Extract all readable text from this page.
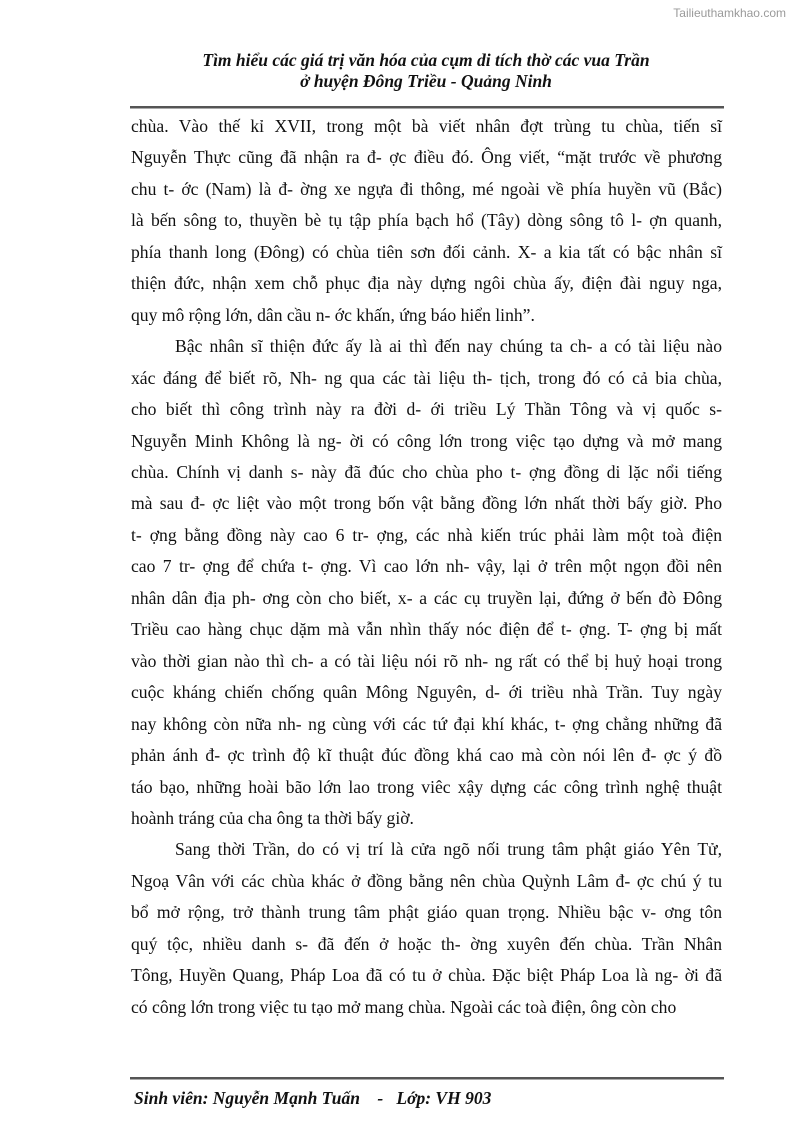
Tailieuthamkhao.com
Tìm hiểu các giá trị văn hóa của cụm di tích thờ các vua Trần
ở huyện Đông Triều - Quảng Ninh
chùa. Vào thế kỉ XVII, trong một bà viết nhân đợt trùng tu chùa, tiến sĩ
Nguyễn Thực cũng đã nhận ra đ- ợc điều đó. Ông viết, “mặt trước về phương
chu t- ớc (Nam) là đ- ờng xe ngựa đi thông, mé ngoài về phía huyền vũ (Bắc)
là bến sông to, thuyền bè tụ tập phía bạch hổ (Tây) dòng sông tô l- ợn quanh,
phía thanh long (Đông) có chùa tiên sơn đối cảnh. X- a kia tất có bậc nhân sĩ
thiện đức, nhận xem chỗ phục địa này dựng ngôi chùa ấy, điện đài nguy nga,
quy mô rộng lớn, dân cầu n- ớc khấn, ứng báo hiển linh”.
Bậc nhân sĩ thiện đức ấy là ai thì đến nay chúng ta ch- a có tài liệu nào
xác đáng để biết rõ, Nh- ng qua các tài liệu th- tịch, trong đó có cả bia chùa,
cho biết thì công trình này ra đời d- ới triều Lý Thần Tông và vị quốc s-
Nguyễn Minh Không là ng- ời có công lớn trong việc tạo dựng và mở mang
chùa. Chính vị danh s- này đã đúc cho chùa pho t- ợng đồng di lặc nổi tiếng
mà sau đ- ợc liệt vào một trong bốn vật bằng đồng lớn nhất thời bấy giờ. Pho
t- ợng bằng đồng này cao 6 tr- ợng, các nhà kiến trúc phải làm một toà điện
cao 7 tr- ợng để chứa t- ợng. Vì cao lớn nh- vậy, lại ở trên một ngọn đồi nên
nhân dân địa ph- ơng còn cho biết, x- a các cụ truyền lại, đứng ở bến đò Đông
Triều cao hàng chục dặm mà vẫn nhìn thấy nóc điện để t- ợng. T- ợng bị mất
vào thời gian nào thì ch- a có tài liệu nói rõ nh- ng rất có thể bị huỷ hoại trong
cuộc kháng chiến chống quân Mông Nguyên, d- ới triều nhà Trần. Tuy ngày
nay không còn nữa nh- ng cùng với các tứ đại khí khác, t- ợng chẳng những đã
phản ánh đ- ợc trình độ kĩ thuật đúc đồng khá cao mà còn nói lên đ- ợc ý đồ
táo bạo, những hoài bão lớn lao trong viêc xậy dựng các công trình nghệ thuật
hoành tráng của cha ông ta thời bấy giờ.
Sang thời Trần, do có vị trí là cửa ngõ nối trung tâm phật giáo Yên Tử,
Ngoạ Vân với các chùa khác ở đồng bằng nên chùa Quỳnh Lâm đ- ợc chú ý tu
bổ mở rộng, trở thành trung tâm phật giáo quan trọng. Nhiều bậc v- ơng tôn
quý tộc, nhiều danh s- đã đến ở hoặc th- ờng xuyên đến chùa. Trần Nhân
Tông, Huyền Quang, Pháp Loa đã có tu ở chùa. Đặc biệt Pháp Loa là ng- ời đã
có công lớn trong việc tu tạo mở mang chùa. Ngoài các toà điện, ông còn cho
Sinh viên: Nguyễn Mạnh Tuấn    -   Lớp: VH 903
